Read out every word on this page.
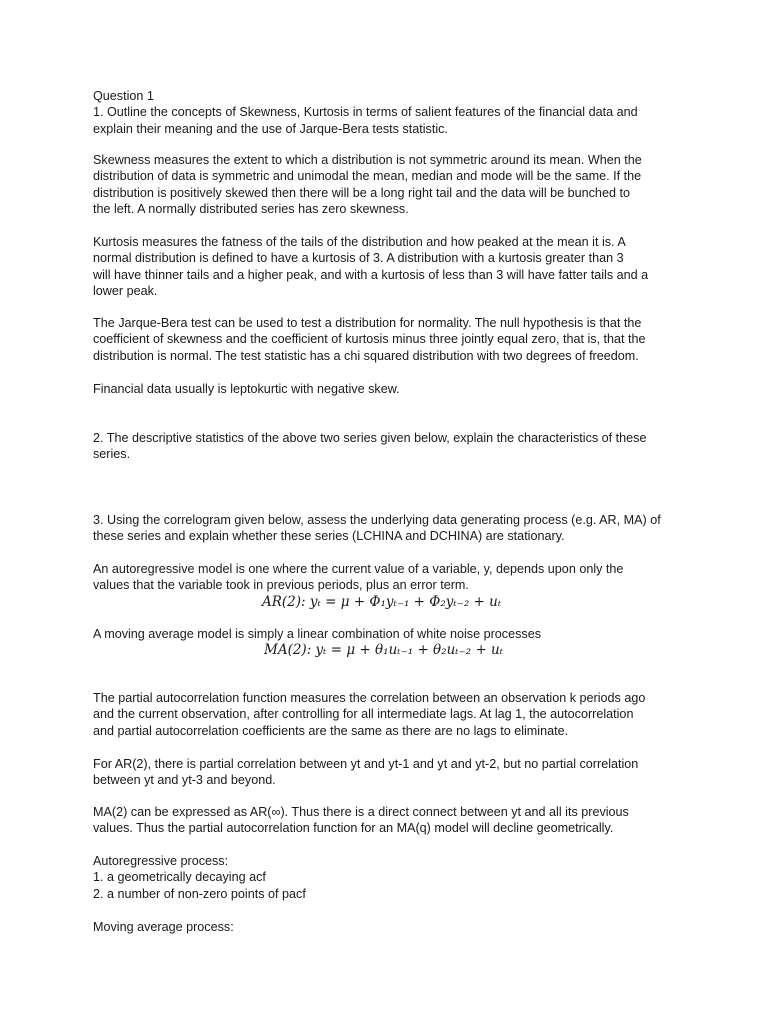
Question 1
1. Outline the concepts of Skewness, Kurtosis in terms of salient features of the financial data and
explain their meaning and the use of Jarque-Bera tests statistic.
Skewness measures the extent to which a distribution is not symmetric around its mean. When the
distribution of data is symmetric and unimodal the mean, median and mode will be the same. If the
distribution is positively skewed then there will be a long right tail and the data will be bunched to
the left. A normally distributed series has zero skewness.
Kurtosis measures the fatness of the tails of the distribution and how peaked at the mean it is. A
normal distribution is defined to have a kurtosis of 3. A distribution with a kurtosis greater than 3
will have thinner tails and a higher peak, and with a kurtosis of less than 3 will have fatter tails and a
lower peak.
The Jarque-Bera test can be used to test a distribution for normality. The null hypothesis is that the
coefficient of skewness and the coefficient of kurtosis minus three jointly equal zero, that is, that the
distribution is normal. The test statistic has a chi squared distribution with two degrees of freedom.
Financial data usually is leptokurtic with negative skew.
2. The descriptive statistics of the above two series given below, explain the characteristics of these
series.
3. Using the correlogram given below, assess the underlying data generating process (e.g. AR, MA) of
these series and explain whether these series (LCHINA and DCHINA) are stationary.
An autoregressive model is one where the current value of a variable, y, depends upon only the
values that the variable took in previous periods, plus an error term.
AR(2): yₜ = μ + Φ₁yₜ₋₁ + Φ₂yₜ₋₂ + uₜ
A moving average model is simply a linear combination of white noise processes
MA(2): yₜ = μ + θ₁uₜ₋₁ + θ₂uₜ₋₂ + uₜ
The partial autocorrelation function measures the correlation between an observation k periods ago
and the current observation, after controlling for all intermediate lags. At lag 1, the autocorrelation
and partial autocorrelation coefficients are the same as there are no lags to eliminate.
For AR(2), there is partial correlation between yt and yt-1 and yt and yt-2, but no partial correlation
between yt and yt-3 and beyond.
MA(2) can be expressed as AR(∞). Thus there is a direct connect between yt and all its previous
values. Thus the partial autocorrelation function for an MA(q) model will decline geometrically.
Autoregressive process:
1. a geometrically decaying acf
2. a number of non-zero points of pacf
Moving average process:
